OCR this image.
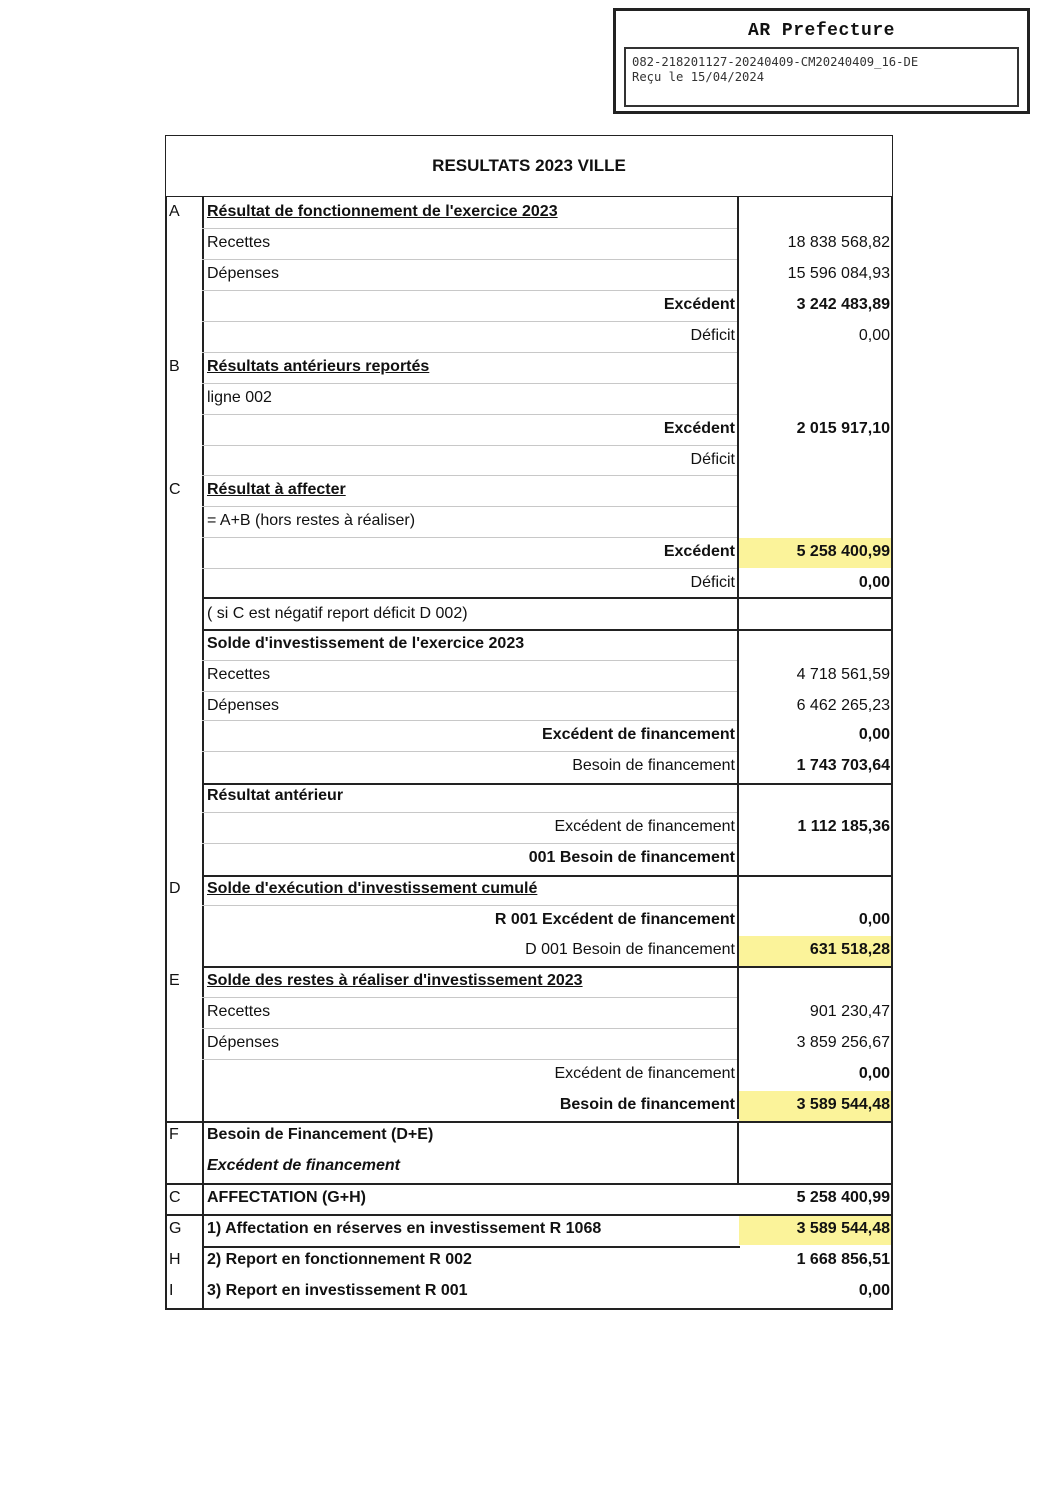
AR Prefecture
082-218201127-20240409-CM20240409_16-DE
Reçu le 15/04/2024
RESULTATS 2023 VILLE
A Résultat de fonctionnement de l'exercice 2023
Recettes	18 838 568,82
Dépenses	15 596 084,93
Excédent	3 242 483,89
Déficit	0,00
B Résultats antérieurs reportés
ligne 002
Excédent	2 015 917,10
Déficit
C Résultat à affecter
= A+B (hors restes à réaliser)
Excédent	5 258 400,99
Déficit	0,00
( si C est négatif report déficit D 002)
Solde d'investissement de l'exercice 2023
Recettes	4 718 561,59
Dépenses	6 462 265,23
Excédent de financement	0,00
Besoin de financement	1 743 703,64
Résultat antérieur
Excédent de financement	1 112 185,36
001 Besoin de financement
D Solde d'exécution d'investissement cumulé
R 001 Excédent de financement	0,00
D 001 Besoin de financement	631 518,28
E Solde des restes à réaliser d'investissement 2023
Recettes	901 230,47
Dépenses	3 859 256,67
Excédent de financement	0,00
Besoin de financement	3 589 544,48
F Besoin de Financement (D+E)
Excédent de financement
C AFFECTATION (G+H)	5 258 400,99
G 1) Affectation en réserves en investissement R 1068	3 589 544,48
H 2) Report en fonctionnement R 002	1 668 856,51
I 3) Report en investissement R 001	0,00
